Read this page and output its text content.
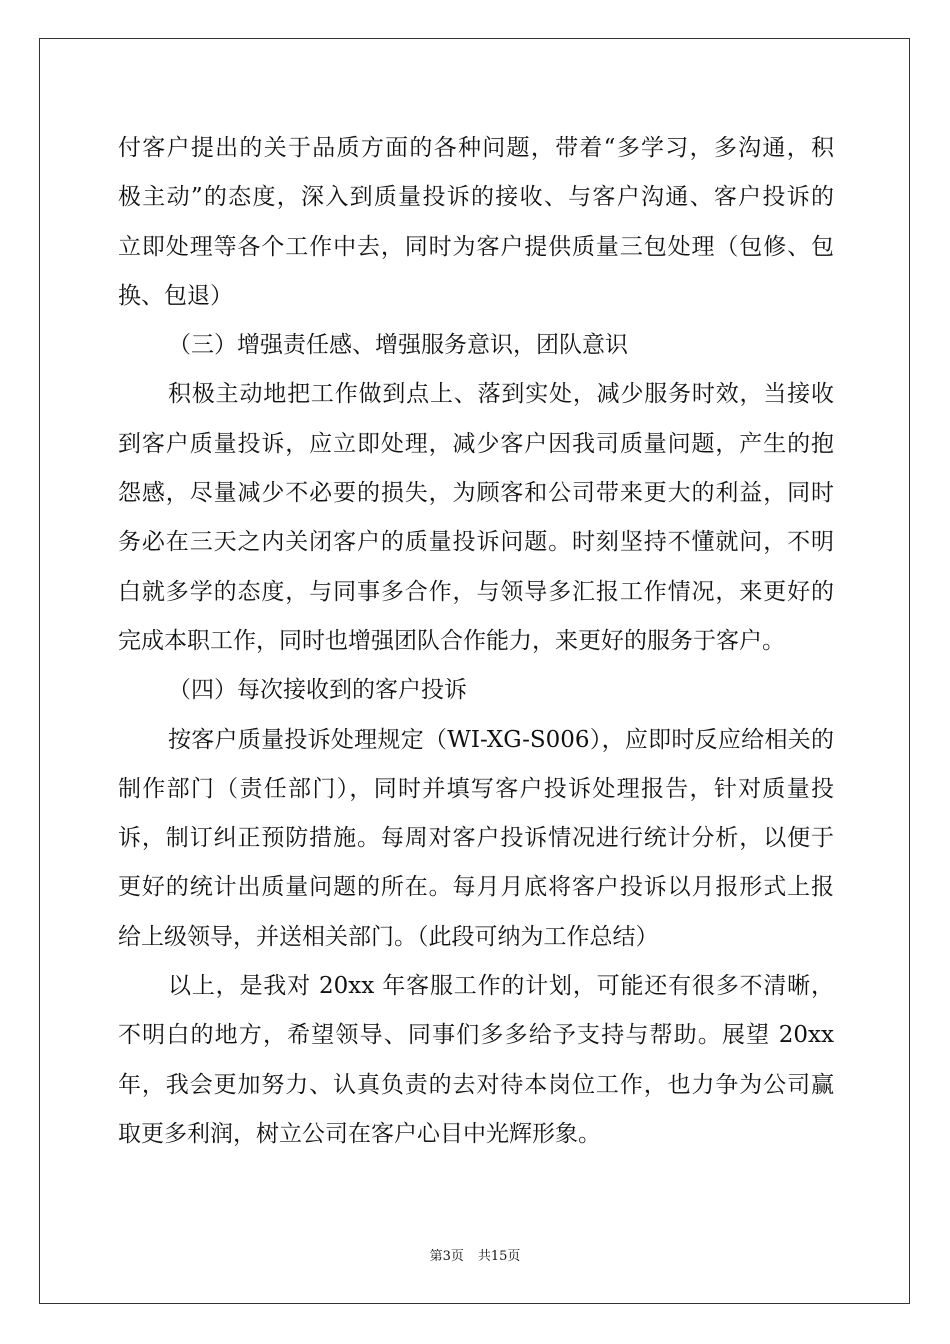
付客户提出的关于品质方面的各种问题，带着“多学习，多沟通，积
极主动”的态度，深入到质量投诉的接收、与客户沟通、客户投诉的
立即处理等各个工作中去，同时为客户提供质量三包处理（包修、包
换、包退）
（三）增强责任感、增强服务意识，团队意识
积极主动地把工作做到点上、落到实处，减少服务时效，当接收
到客户质量投诉，应立即处理，减少客户因我司质量问题，产生的抱
怨感，尽量减少不必要的损失，为顾客和公司带来更大的利益，同时
务必在三天之内关闭客户的质量投诉问题。时刻坚持不懂就问，不明
白就多学的态度，与同事多合作，与领导多汇报工作情况，来更好的
完成本职工作，同时也增强团队合作能力，来更好的服务于客户。
（四）每次接收到的客户投诉
按客户质量投诉处理规定（WI-XG-S006），应即时反应给相关的
制作部门（责任部门），同时并填写客户投诉处理报告，针对质量投
诉，制订纠正预防措施。每周对客户投诉情况进行统计分析，以便于
更好的统计出质量问题的所在。每月月底将客户投诉以月报形式上报
给上级领导，并送相关部门。（此段可纳为工作总结）
以上，是我对 20xx 年客服工作的计划，可能还有很多不清晰，
不明白的地方，希望领导、同事们多多给予支持与帮助。展望 20xx
年，我会更加努力、认真负责的去对待本岗位工作，也力争为公司赢
取更多利润，树立公司在客户心目中光辉形象。
第3页 共15页
